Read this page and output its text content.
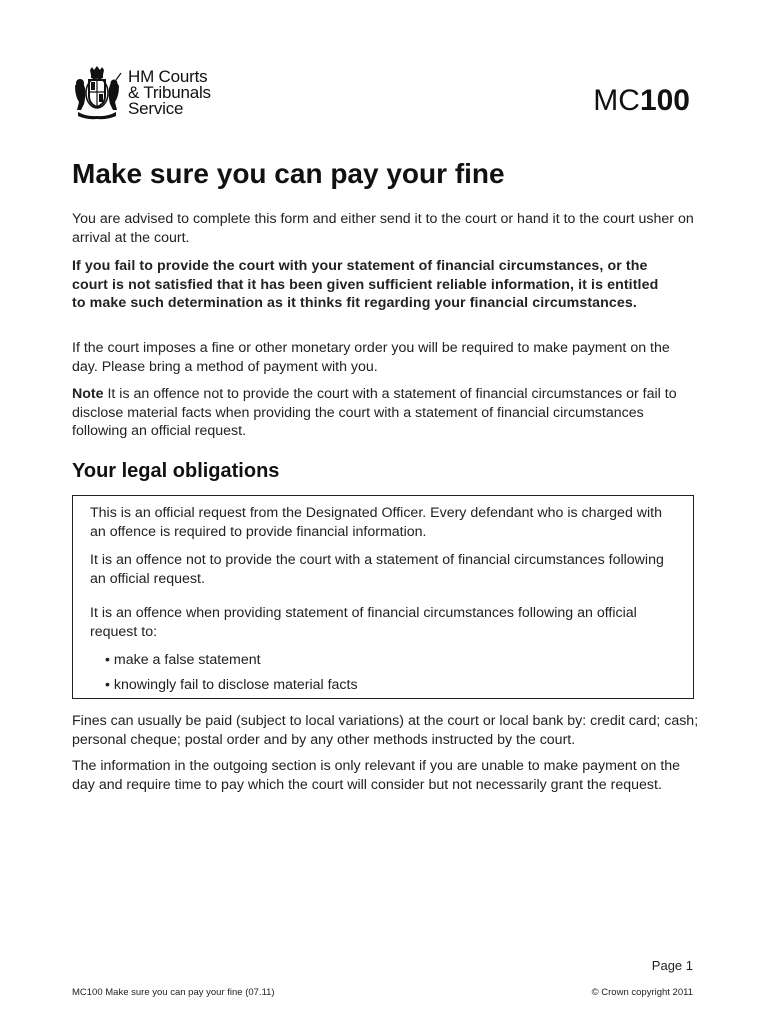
HM Courts
& Tribunals
Service	MC100
Make sure you can pay your fine

You are advised to complete this form and either send it to the court or hand it to the court usher on arrival at the court.

If you fail to provide the court with your statement of financial circumstances, or the court is not satisfied that it has been given sufficient reliable information, it is entitled to make such determination as it thinks fit regarding your financial circumstances.

If the court imposes a fine or other monetary order you will be required to make payment on the day. Please bring a method of payment with you.

Note It is an offence not to provide the court with a statement of financial circumstances or fail to disclose material facts when providing the court with a statement of financial circumstances following an official request.

Your legal obligations

This is an official request from the Designated Officer. Every defendant who is charged with an offence is required to provide financial information.

It is an offence not to provide the court with a statement of financial circumstances following an official request.

It is an offence when providing statement of financial circumstances following an official request to:

• make a false statement

• knowingly fail to disclose material facts

Fines can usually be paid (subject to local variations) at the court or local bank by: credit card; cash; personal cheque; postal order and by any other methods instructed by the court.

The information in the outgoing section is only relevant if you are unable to make payment on the day and require time to pay which the court will consider but not necessarily grant the request.

Page 1
MC100 Make sure you can pay your fine (07.11)	© Crown copyright 2011
